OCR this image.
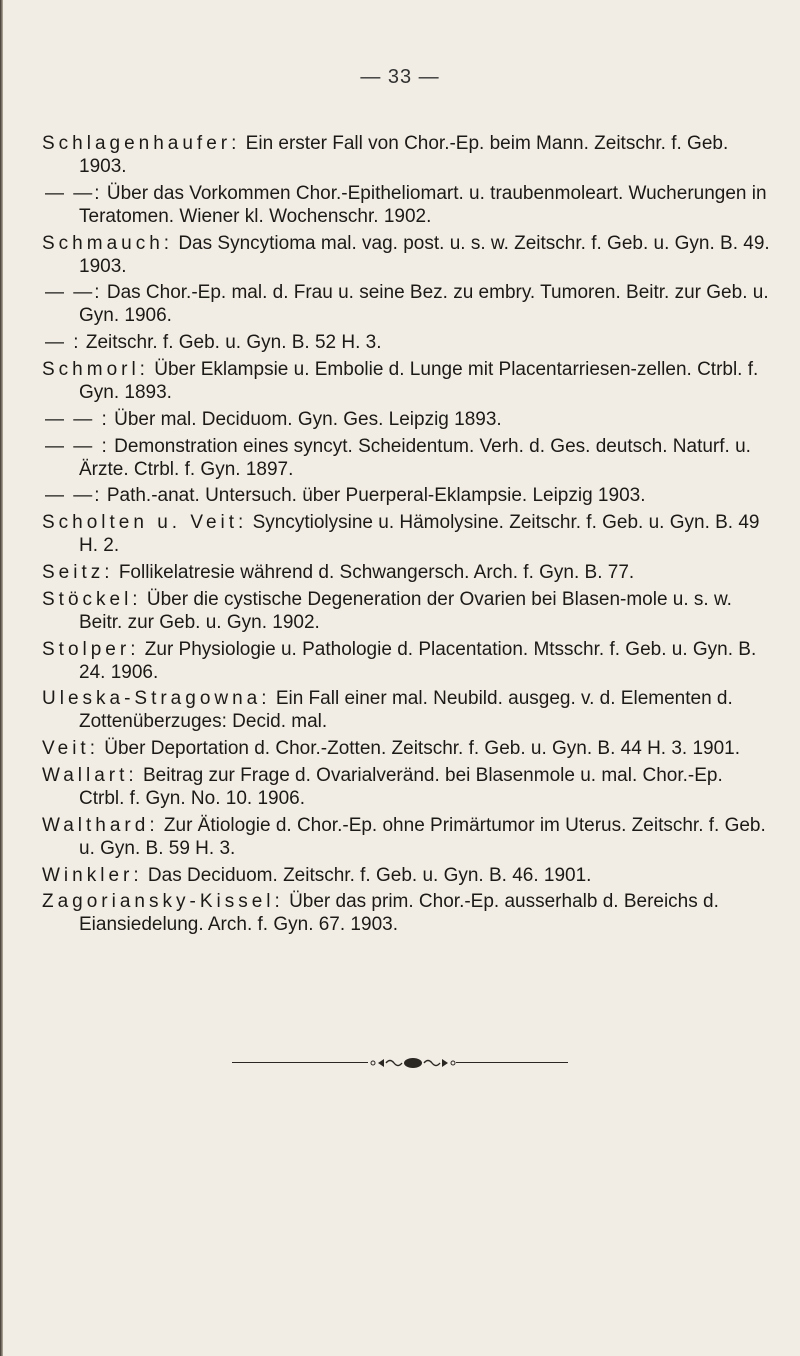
— 33 —
Schlagenhaufer: Ein erster Fall von Chor.-Ep. beim Mann. Zeitschr. f. Geb. 1903.
— —: Über das Vorkommen Chor.-Epitheliomart. u. traubenmoleart. Wucherungen in Teratomen. Wiener kl. Wochenschr. 1902.
Schmauch: Das Syncytioma mal. vag. post. u. s. w. Zeitschr. f. Geb. u. Gyn. B. 49. 1903.
— —: Das Chor.-Ep. mal. d. Frau u. seine Bez. zu embry. Tumoren. Beitr. zur Geb. u. Gyn. 1906.
— : Zeitschr. f. Geb. u. Gyn. B. 52 H. 3.
Schmorl: Über Eklampsie u. Embolie d. Lunge mit Placentarriesen-zellen. Ctrbl. f. Gyn. 1893.
— — : Über mal. Deciduom. Gyn. Ges. Leipzig 1893.
— — : Demonstration eines syncyt. Scheidentum. Verh. d. Ges. deutsch. Naturf. u. Ärzte. Ctrbl. f. Gyn. 1897.
— —: Path.-anat. Untersuch. über Puerperal-Eklampsie. Leipzig 1903.
Scholten u. Veit: Syncytiolysine u. Hämolysine. Zeitschr. f. Geb. u. Gyn. B. 49 H. 2.
Seitz: Follikelatresie während d. Schwangersch. Arch. f. Gyn. B. 77.
Stöckel: Über die cystische Degeneration der Ovarien bei Blasen-mole u. s. w. Beitr. zur Geb. u. Gyn. 1902.
Stolper: Zur Physiologie u. Pathologie d. Placentation. Mtsschr. f. Geb. u. Gyn. B. 24. 1906.
Uleska-Stragowna: Ein Fall einer mal. Neubild. ausgeg. v. d. Elementen d. Zottenüberzuges: Decid. mal.
Veit: Über Deportation d. Chor.-Zotten. Zeitschr. f. Geb. u. Gyn. B. 44 H. 3. 1901.
Wallart: Beitrag zur Frage d. Ovarialveränd. bei Blasenmole u. mal. Chor.-Ep. Ctrbl. f. Gyn. No. 10. 1906.
Walthard: Zur Ätiologie d. Chor.-Ep. ohne Primärtumor im Uterus. Zeitschr. f. Geb. u. Gyn. B. 59 H. 3.
Winkler: Das Deciduom. Zeitschr. f. Geb. u. Gyn. B. 46. 1901.
Zagoriansky-Kissel: Über das prim. Chor.-Ep. ausserhalb d. Bereichs d. Eiansiedelung. Arch. f. Gyn. 67. 1903.
